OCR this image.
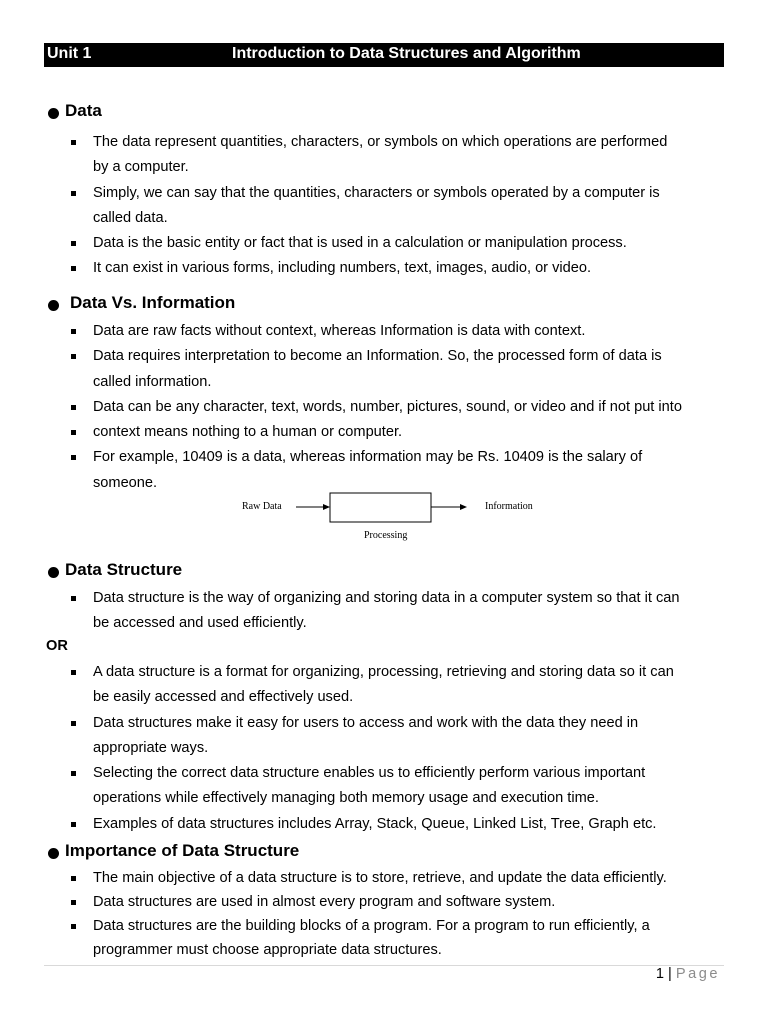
Unit 1	Introduction to Data Structures and Algorithm
Data
The data represent quantities, characters, or symbols on which operations are performed
by a computer.
Simply, we can say that the quantities, characters or symbols operated by a computer is
called data.
Data is the basic entity or fact that is used in a calculation or manipulation process.
It can exist in various forms, including numbers, text, images, audio, or video.
Data Vs. Information
Data are raw facts without context, whereas Information is data with context.
Data requires interpretation to become an Information. So, the processed form of data is
called information.
Data can be any character, text, words, number, pictures, sound, or video and if not put into
context means nothing to a human or computer.
For example, 10409 is a data, whereas information may be Rs. 10409 is the salary of
someone.
Raw Data	Information
Processing
Data Structure
Data structure is the way of organizing and storing data in a computer system so that it can
be accessed and used efficiently.
OR
A data structure is a format for organizing, processing, retrieving and storing data so it can
be easily accessed and effectively used.
Data structures make it easy for users to access and work with the data they need in
appropriate ways.
Selecting the correct data structure enables us to efficiently perform various important
operations while effectively managing both memory usage and execution time.
Examples of data structures includes Array, Stack, Queue, Linked List, Tree, Graph etc.
Importance of Data Structure
The main objective of a data structure is to store, retrieve, and update the data efficiently.
Data structures are used in almost every program and software system.
Data structures are the building blocks of a program. For a program to run efficiently, a
programmer must choose appropriate data structures.
1 | Page
